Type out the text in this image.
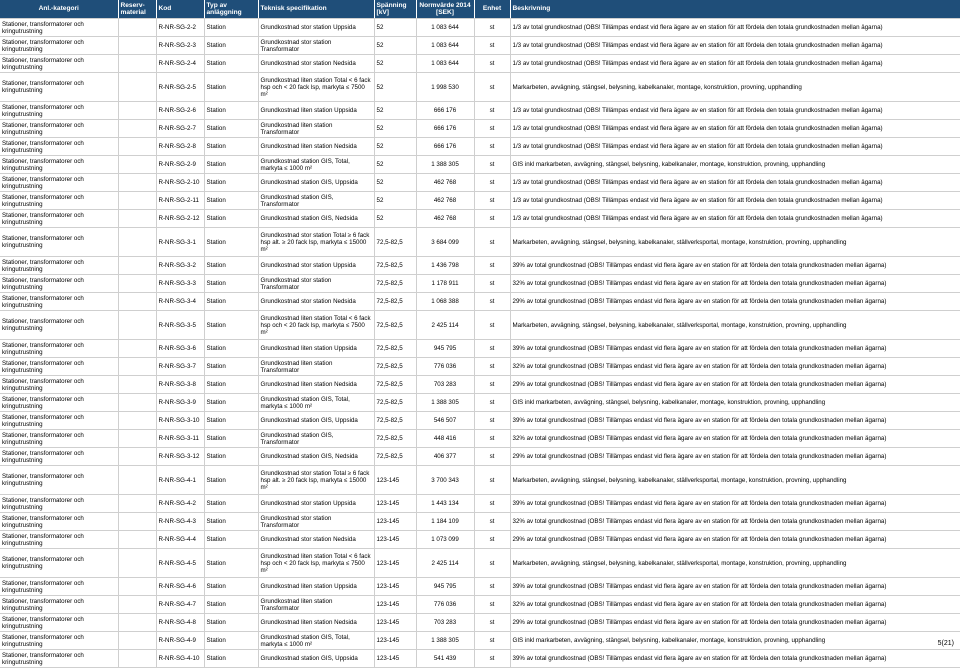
Anl.-kategori	Reserv-material	Kod	Typ av anläggning	Teknisk specifikation	Spänning [kV]	Normvärde 2014 [SEK]	Enhet	Beskrivning
Stationer, transformatorer och kringutrustning		R-NR-SG-2-2	Station	Grundkostnad stor station Uppsida	52	1 083 644	st	1/3 av total grundkostnad (OBS! Tillämpas endast vid flera ägare av en station för att fördela den totala grundkostnaden mellan ägarna)
Stationer, transformatorer och kringutrustning		R-NR-SG-2-3	Station	Grundkostnad stor station Transformator	52	1 083 644	st	1/3 av total grundkostnad (OBS! Tillämpas endast vid flera ägare av en station för att fördela den totala grundkostnaden mellan ägarna)
Stationer, transformatorer och kringutrustning		R-NR-SG-2-4	Station	Grundkostnad stor station Nedsida	52	1 083 644	st	1/3 av total grundkostnad (OBS! Tillämpas endast vid flera ägare av en station för att fördela den totala grundkostnaden mellan ägarna)
Stationer, transformatorer och kringutrustning		R-NR-SG-2-5	Station	Grundkostnad liten station Total < 6 fack hsp och < 20 fack lsp, markyta ≤ 7500 m²	52	1 998 530	st	Markarbeten, avvägning, stängsel, belysning, kabelkanaler, montage, konstruktion, provning, upphandling
Stationer, transformatorer och kringutrustning		R-NR-SG-2-6	Station	Grundkostnad liten station Uppsida	52	666 176	st	1/3 av total grundkostnad (OBS! Tillämpas endast vid flera ägare av en station för att fördela den totala grundkostnaden mellan ägarna)
Stationer, transformatorer och kringutrustning		R-NR-SG-2-7	Station	Grundkostnad liten station Transformator	52	666 176	st	1/3 av total grundkostnad (OBS! Tillämpas endast vid flera ägare av en station för att fördela den totala grundkostnaden mellan ägarna)
Stationer, transformatorer och kringutrustning		R-NR-SG-2-8	Station	Grundkostnad liten station Nedsida	52	666 176	st	1/3 av total grundkostnad (OBS! Tillämpas endast vid flera ägare av en station för att fördela den totala grundkostnaden mellan ägarna)
Stationer, transformatorer och kringutrustning		R-NR-SG-2-9	Station	Grundkostnad station GIS, Total, markyta ≤ 1000 m²	52	1 388 305	st	GIS inkl markarbeten, avvägning, stängsel, belysning, kabelkanaler, montage, konstruktion, provning, upphandling
Stationer, transformatorer och kringutrustning		R-NR-SG-2-10	Station	Grundkostnad station GIS, Uppsida	52	462 768	st	1/3 av total grundkostnad (OBS! Tillämpas endast vid flera ägare av en station för att fördela den totala grundkostnaden mellan ägarna)
Stationer, transformatorer och kringutrustning		R-NR-SG-2-11	Station	Grundkostnad station GIS, Transformator	52	462 768	st	1/3 av total grundkostnad (OBS! Tillämpas endast vid flera ägare av en station för att fördela den totala grundkostnaden mellan ägarna)
Stationer, transformatorer och kringutrustning		R-NR-SG-2-12	Station	Grundkostnad station GIS, Nedsida	52	462 768	st	1/3 av total grundkostnad (OBS! Tillämpas endast vid flera ägare av en station för att fördela den totala grundkostnaden mellan ägarna)
Stationer, transformatorer och kringutrustning		R-NR-SG-3-1	Station	Grundkostnad stor station Total ≥ 6 fack hsp alt. ≥ 20 fack lsp, markyta ≤ 15000 m²	72,5-82,5	3 684 099	st	Markarbeten, avvägning, stängsel, belysning, kabelkanaler, ställverksportal, montage, konstruktion, provning, upphandling
Stationer, transformatorer och kringutrustning		R-NR-SG-3-2	Station	Grundkostnad stor station Uppsida	72,5-82,5	1 436 798	st	39% av total grundkostnad (OBS! Tillämpas endast vid flera ägare av en station för att fördela den totala grundkostnaden mellan ägarna)
Stationer, transformatorer och kringutrustning		R-NR-SG-3-3	Station	Grundkostnad stor station Transformator	72,5-82,5	1 178 911	st	32% av total grundkostnad (OBS! Tillämpas endast vid flera ägare av en station för att fördela den totala grundkostnaden mellan ägarna)
Stationer, transformatorer och kringutrustning		R-NR-SG-3-4	Station	Grundkostnad stor station Nedsida	72,5-82,5	1 068 388	st	29% av total grundkostnad (OBS! Tillämpas endast vid flera ägare av en station för att fördela den totala grundkostnaden mellan ägarna)
Stationer, transformatorer och kringutrustning		R-NR-SG-3-5	Station	Grundkostnad liten station Total < 6 fack hsp och < 20 fack lsp, markyta ≤ 7500 m²	72,5-82,5	2 425 114	st	Markarbeten, avvägning, stängsel, belysning, kabelkanaler, ställverksportal, montage, konstruktion, provning, upphandling
Stationer, transformatorer och kringutrustning		R-NR-SG-3-6	Station	Grundkostnad liten station Uppsida	72,5-82,5	945 795	st	39% av total grundkostnad (OBS! Tillämpas endast vid flera ägare av en station för att fördela den totala grundkostnaden mellan ägarna)
Stationer, transformatorer och kringutrustning		R-NR-SG-3-7	Station	Grundkostnad liten station Transformator	72,5-82,5	776 036	st	32% av total grundkostnad (OBS! Tillämpas endast vid flera ägare av en station för att fördela den totala grundkostnaden mellan ägarna)
Stationer, transformatorer och kringutrustning		R-NR-SG-3-8	Station	Grundkostnad liten station Nedsida	72,5-82,5	703 283	st	29% av total grundkostnad (OBS! Tillämpas endast vid flera ägare av en station för att fördela den totala grundkostnaden mellan ägarna)
Stationer, transformatorer och kringutrustning		R-NR-SG-3-9	Station	Grundkostnad station GIS, Total, markyta ≤ 1000 m²	72,5-82,5	1 388 305	st	GIS inkl markarbeten, avvägning, stängsel, belysning, kabelkanaler, montage, konstruktion, provning, upphandling
Stationer, transformatorer och kringutrustning		R-NR-SG-3-10	Station	Grundkostnad station GIS, Uppsida	72,5-82,5	546 507	st	39% av total grundkostnad (OBS! Tillämpas endast vid flera ägare av en station för att fördela den totala grundkostnaden mellan ägarna)
Stationer, transformatorer och kringutrustning		R-NR-SG-3-11	Station	Grundkostnad station GIS, Transformator	72,5-82,5	448 416	st	32% av total grundkostnad (OBS! Tillämpas endast vid flera ägare av en station för att fördela den totala grundkostnaden mellan ägarna)
Stationer, transformatorer och kringutrustning		R-NR-SG-3-12	Station	Grundkostnad station GIS, Nedsida	72,5-82,5	406 377	st	29% av total grundkostnad (OBS! Tillämpas endast vid flera ägare av en station för att fördela den totala grundkostnaden mellan ägarna)
Stationer, transformatorer och kringutrustning		R-NR-SG-4-1	Station	Grundkostnad stor station Total ≥ 6 fack hsp alt. ≥ 20 fack lsp, markyta ≤ 15000 m²	123-145	3 700 343	st	Markarbeten, avvägning, stängsel, belysning, kabelkanaler, ställverksportal, montage, konstruktion, provning, upphandling
Stationer, transformatorer och kringutrustning		R-NR-SG-4-2	Station	Grundkostnad stor station Uppsida	123-145	1 443 134	st	39% av total grundkostnad (OBS! Tillämpas endast vid flera ägare av en station för att fördela den totala grundkostnaden mellan ägarna)
Stationer, transformatorer och kringutrustning		R-NR-SG-4-3	Station	Grundkostnad stor station Transformator	123-145	1 184 109	st	32% av total grundkostnad (OBS! Tillämpas endast vid flera ägare av en station för att fördela den totala grundkostnaden mellan ägarna)
Stationer, transformatorer och kringutrustning		R-NR-SG-4-4	Station	Grundkostnad stor station Nedsida	123-145	1 073 099	st	29% av total grundkostnad (OBS! Tillämpas endast vid flera ägare av en station för att fördela den totala grundkostnaden mellan ägarna)
Stationer, transformatorer och kringutrustning		R-NR-SG-4-5	Station	Grundkostnad liten station Total < 6 fack hsp och < 20 fack lsp, markyta ≤ 7500 m²	123-145	2 425 114	st	Markarbeten, avvägning, stängsel, belysning, kabelkanaler, ställverksportal, montage, konstruktion, provning, upphandling
Stationer, transformatorer och kringutrustning		R-NR-SG-4-6	Station	Grundkostnad liten station Uppsida	123-145	945 795	st	39% av total grundkostnad (OBS! Tillämpas endast vid flera ägare av en station för att fördela den totala grundkostnaden mellan ägarna)
Stationer, transformatorer och kringutrustning		R-NR-SG-4-7	Station	Grundkostnad liten station Transformator	123-145	776 036	st	32% av total grundkostnad (OBS! Tillämpas endast vid flera ägare av en station för att fördela den totala grundkostnaden mellan ägarna)
Stationer, transformatorer och kringutrustning		R-NR-SG-4-8	Station	Grundkostnad liten station Nedsida	123-145	703 283	st	29% av total grundkostnad (OBS! Tillämpas endast vid flera ägare av en station för att fördela den totala grundkostnaden mellan ägarna)
Stationer, transformatorer och kringutrustning		R-NR-SG-4-9	Station	Grundkostnad station GIS, Total, markyta ≤ 1000 m²	123-145	1 388 305	st	GIS inkl markarbeten, avvägning, stängsel, belysning, kabelkanaler, montage, konstruktion, provning, upphandling
Stationer, transformatorer och kringutrustning		R-NR-SG-4-10	Station	Grundkostnad station GIS, Uppsida	123-145	541 439	st	39% av total grundkostnad (OBS! Tillämpas endast vid flera ägare av en station för att fördela den totala grundkostnaden mellan ägarna)
5(21)
